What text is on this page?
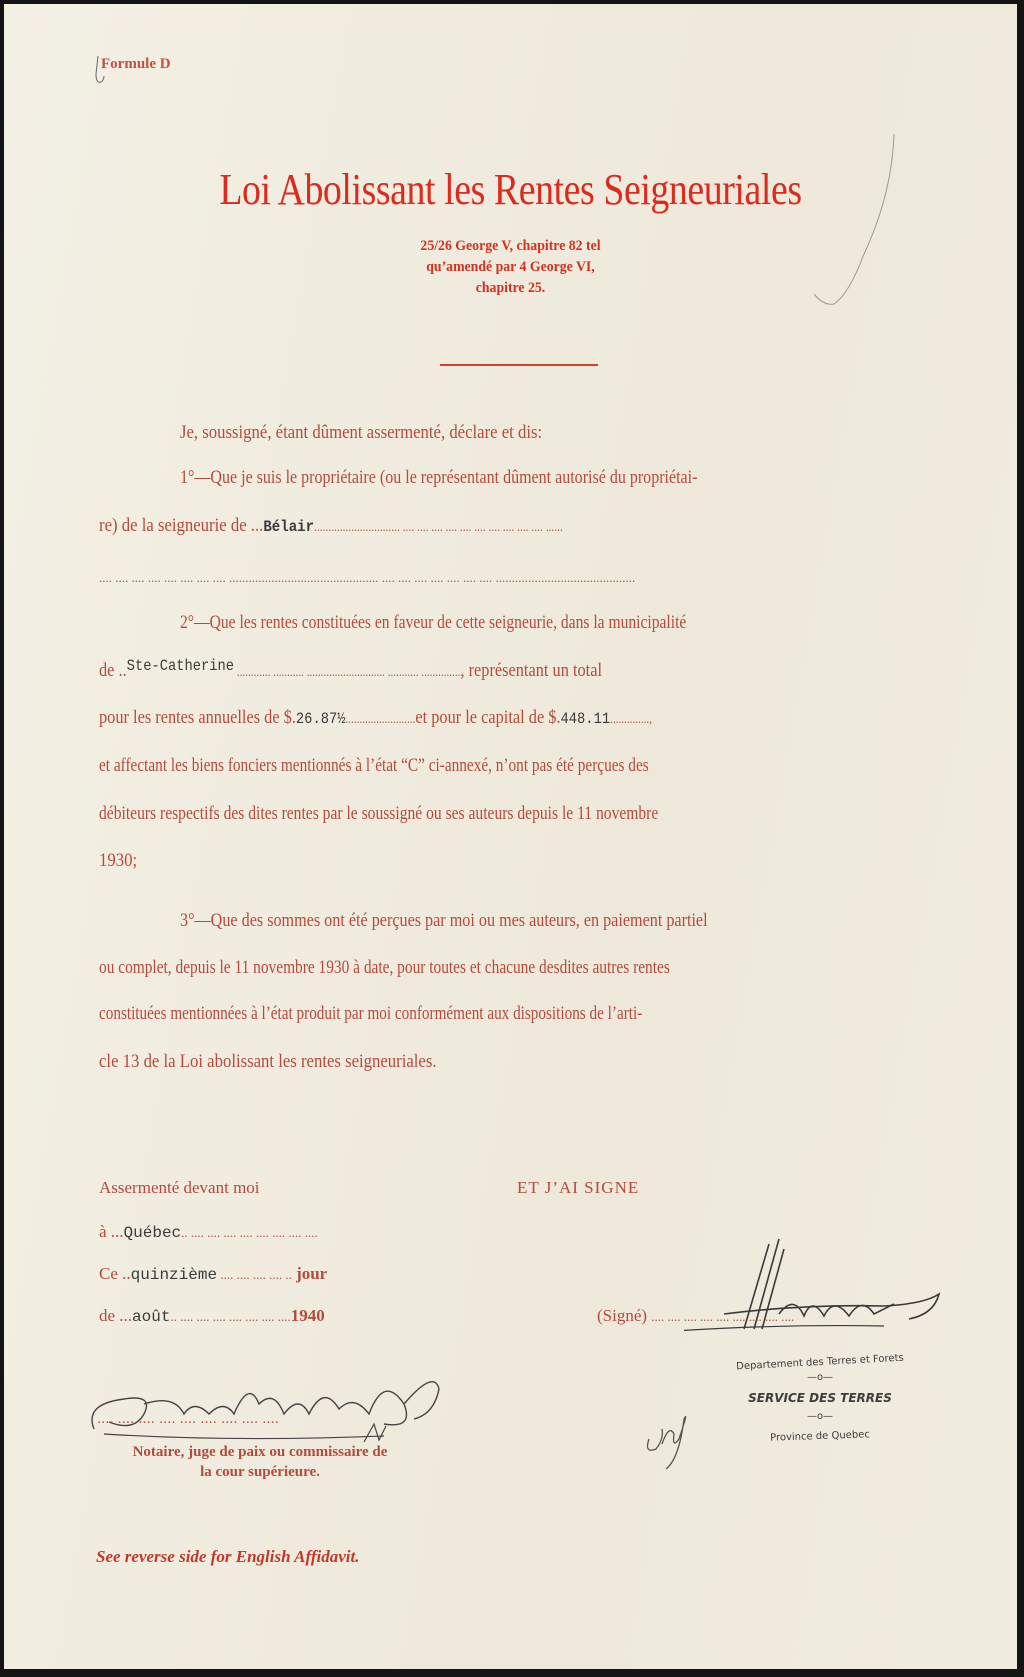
Formule D
Loi Abolissant les Rentes Seigneuriales
25/26 George V, chapitre 82 tel
qu’amendé par 4 George VI,
chapitre 25.
Je, soussigné, étant dûment assermenté, déclare et dis:
1°—Que je suis le propriétaire (ou le représentant dûment autorisé du propriétai-
re) de la seigneurie de ...Bélair.............................. .... .... .... .... .... .... .... .... .... .... ......
.... .... .... .... .... .... .... .... .............................................. .... .... .... .... .... .... .... ...........................................
2°—Que les rentes constituées en faveur de cette seigneurie, dans la municipalité
de ..$^{Ste-Catherine}$ ............ ........... ............................ ........... .............., représentant un total
pour les rentes annuelles de $.26.87½.........................et pour le capital de $.448.11..............,
et affectant les biens fonciers mentionnés à l’état “C” ci-annexé, n’ont pas été perçues des
débiteurs respectifs des dites rentes par le soussigné ou ses auteurs depuis le 11 novembre
1930;
3°—Que des sommes ont été perçues par moi ou mes auteurs, en paiement partiel
ou complet, depuis le 11 novembre 1930 à date, pour toutes et chacune desdites autres rentes
constituées mentionnées à l’état produit par moi conformément aux dispositions de l’arti-
cle 13 de la Loi abolissant les rentes seigneuriales.
Assermenté devant moi
à ...Québec.. .... .... .... .... .... .... .... ....
Ce ..quinzième .... .... .... .... .. jour
de ...août.. .... .... .... .... .... .... ....1940
ET J’AI SIGNE
(Signé) .... .... .... .... .... .... .... .... ....
.... .... .... .... .... .... .... .... ....
Notaire, juge de paix ou commissaire de
la cour supérieure.
Departement des Terres et Forets
—o—
SERVICE DES TERRES
—o—
Province de Quebec
See reverse side for English Affidavit.
